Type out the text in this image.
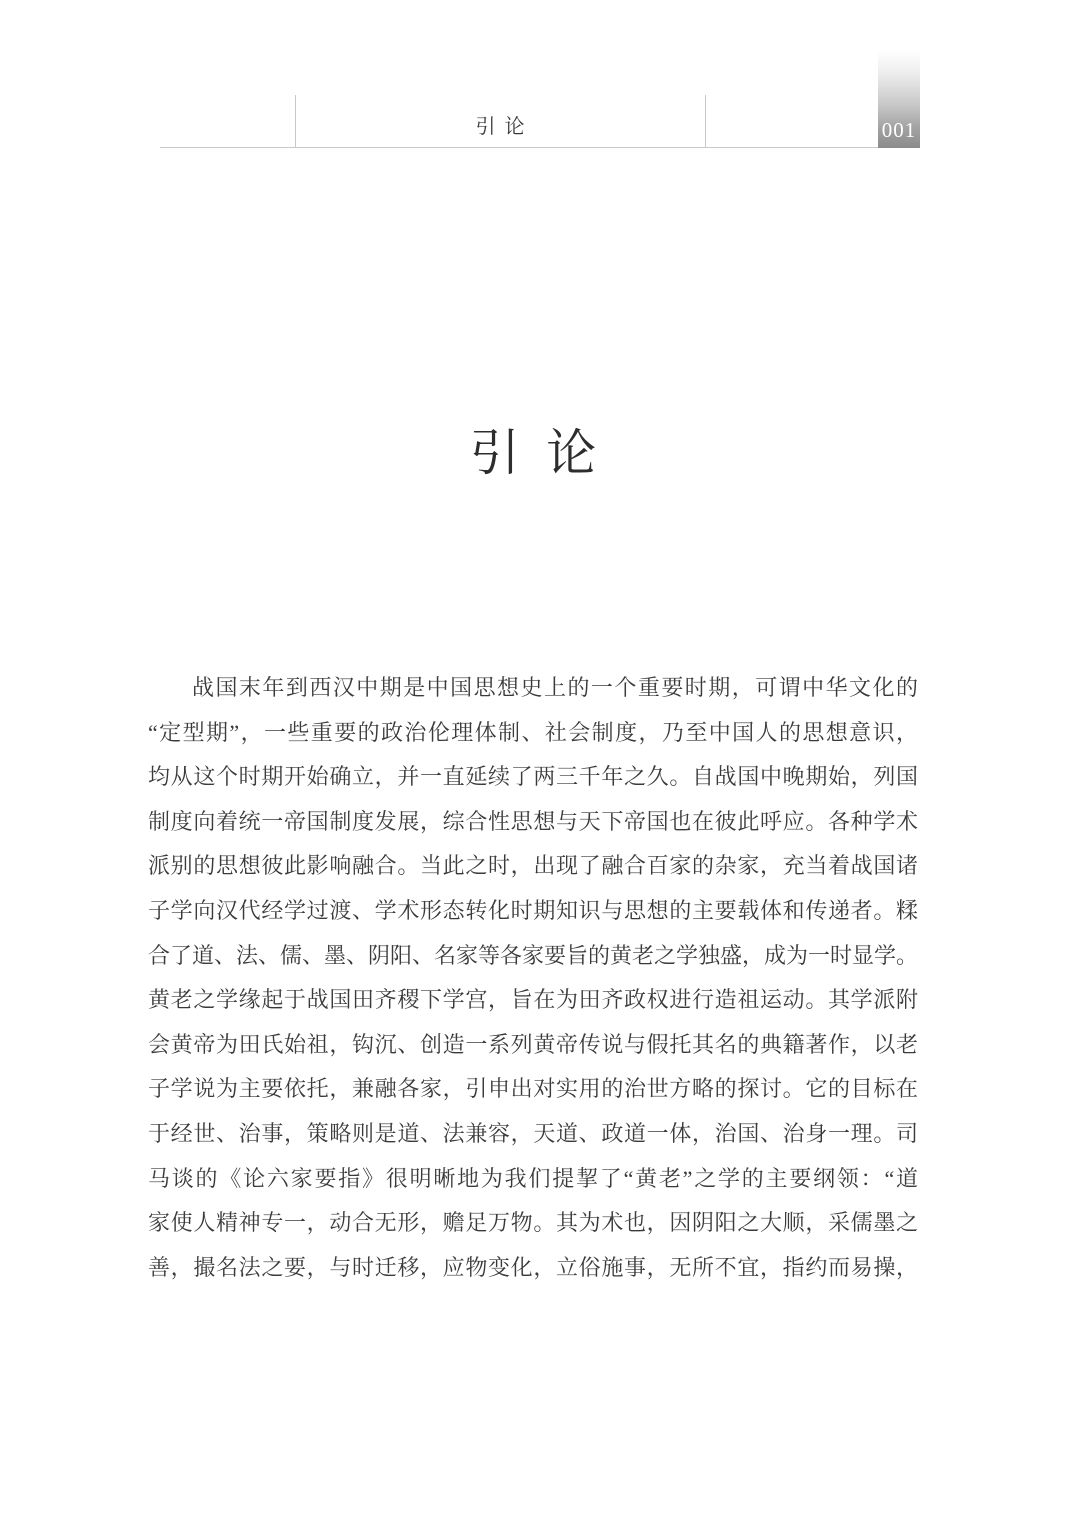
引 论	001
引 论
战国末年到西汉中期是中国思想史上的一个重要时期，可谓中华文化的
“定型期”，一些重要的政治伦理体制、社会制度，乃至中国人的思想意识，
均从这个时期开始确立，并一直延续了两三千年之久。自战国中晚期始，列国
制度向着统一帝国制度发展，综合性思想与天下帝国也在彼此呼应。各种学术
派别的思想彼此影响融合。当此之时，出现了融合百家的杂家，充当着战国诸
子学向汉代经学过渡、学术形态转化时期知识与思想的主要载体和传递者。糅
合了道、法、儒、墨、阴阳、名家等各家要旨的黄老之学独盛，成为一时显学。
黄老之学缘起于战国田齐稷下学宫，旨在为田齐政权进行造祖运动。其学派附
会黄帝为田氏始祖，钩沉、创造一系列黄帝传说与假托其名的典籍著作，以老
子学说为主要依托，兼融各家，引申出对实用的治世方略的探讨。它的目标在
于经世、治事，策略则是道、法兼容，天道、政道一体，治国、治身一理。司
马谈的《论六家要指》很明晰地为我们提挈了“黄老”之学的主要纲领：“道
家使人精神专一，动合无形，赡足万物。其为术也，因阴阳之大顺，采儒墨之
善，撮名法之要，与时迁移，应物变化，立俗施事，无所不宜，指约而易操，
